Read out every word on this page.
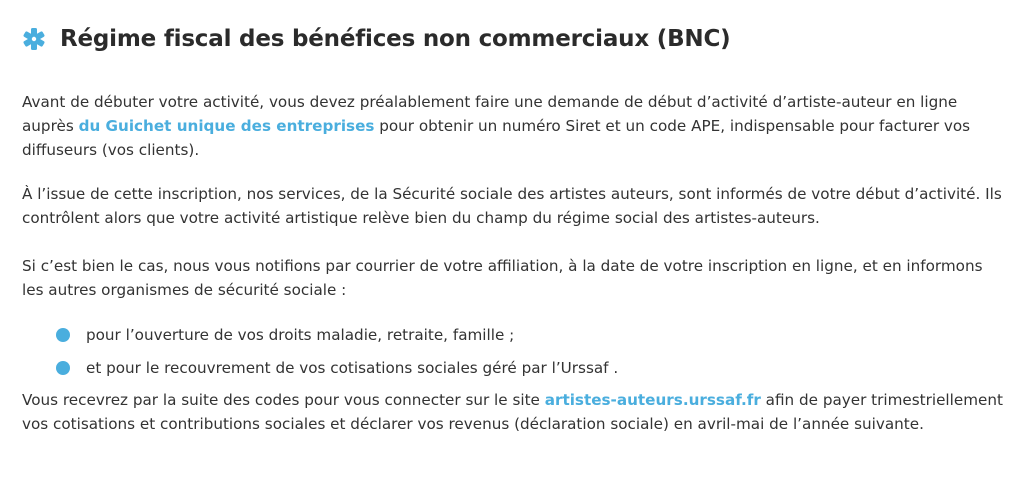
Régime fiscal des bénéfices non commerciaux (BNC)

Avant de débuter votre activité, vous devez préalablement faire une demande de début d’activité d’artiste-auteur en ligne auprès du Guichet unique des entreprises pour obtenir un numéro Siret et un code APE, indispensable pour facturer vos diffuseurs (vos clients).

À l’issue de cette inscription, nos services, de la Sécurité sociale des artistes auteurs, sont informés de votre début d’activité. Ils contrôlent alors que votre activité artistique relève bien du champ du régime social des artistes-auteurs.

Si c’est bien le cas, nous vous notifions par courrier de votre affiliation, à la date de votre inscription en ligne, et en informons les autres organismes de sécurité sociale :

pour l’ouverture de vos droits maladie, retraite, famille ;
et pour le recouvrement de vos cotisations sociales géré par l’Urssaf .

Vous recevrez par la suite des codes pour vous connecter sur le site artistes-auteurs.urssaf.fr afin de payer trimestriellement vos cotisations et contributions sociales et déclarer vos revenus (déclaration sociale) en avril-mai de l’année suivante.
